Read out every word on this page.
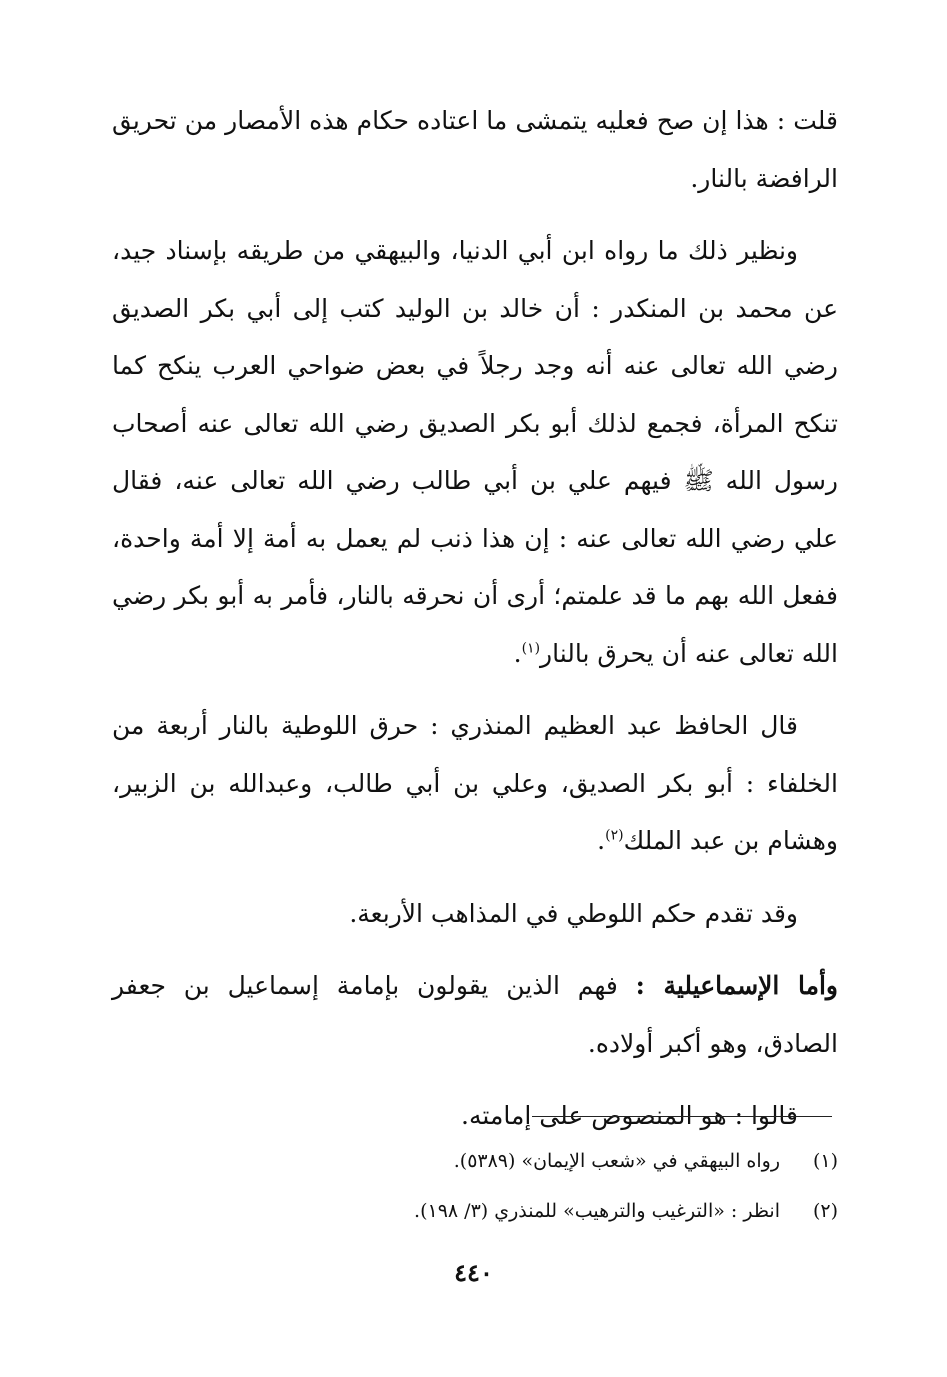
قلت : هذا إن صح فعليه يتمشى ما اعتاده حكام هذه الأمصار من تحريق الرافضة بالنار.

ونظير ذلك ما رواه ابن أبي الدنيا، والبيهقي من طريقه بإسناد جيد، عن محمد بن المنكدر : أن خالد بن الوليد كتب إلى أبي بكر الصديق رضي الله تعالى عنه أنه وجد رجلاً في بعض ضواحي العرب ينكح كما تنكح المرأة، فجمع لذلك أبو بكر الصديق رضي الله تعالى عنه أصحاب رسول الله ﷺ فيهم علي بن أبي طالب رضي الله تعالى عنه، فقال علي رضي الله تعالى عنه : إن هذا ذنب لم يعمل به أمة إلا أمة واحدة، ففعل الله بهم ما قد علمتم؛ أرى أن نحرقه بالنار، فأمر به أبو بكر رضي الله تعالى عنه أن يحرق بالنار$^{(١)}$.

قال الحافظ عبد العظيم المنذري : حرق اللوطية بالنار أربعة من الخلفاء : أبو بكر الصديق، وعلي بن أبي طالب، وعبدالله بن الزبير، وهشام بن عبد الملك$^{(٢)}$.

وقد تقدم حكم اللوطي في المذاهب الأربعة.

وأما الإسماعيلية : فهم الذين يقولون بإمامة إسماعيل بن جعفر الصادق، وهو أكبر أولاده.

قالوا : هو المنصوص على إمامته.

(١)رواه البيهقي في «شعب الإيمان» (٥٣٨٩).
(٢)انظر : «الترغيب والترهيب» للمنذري (٣/ ١٩٨).
٤٤٠
